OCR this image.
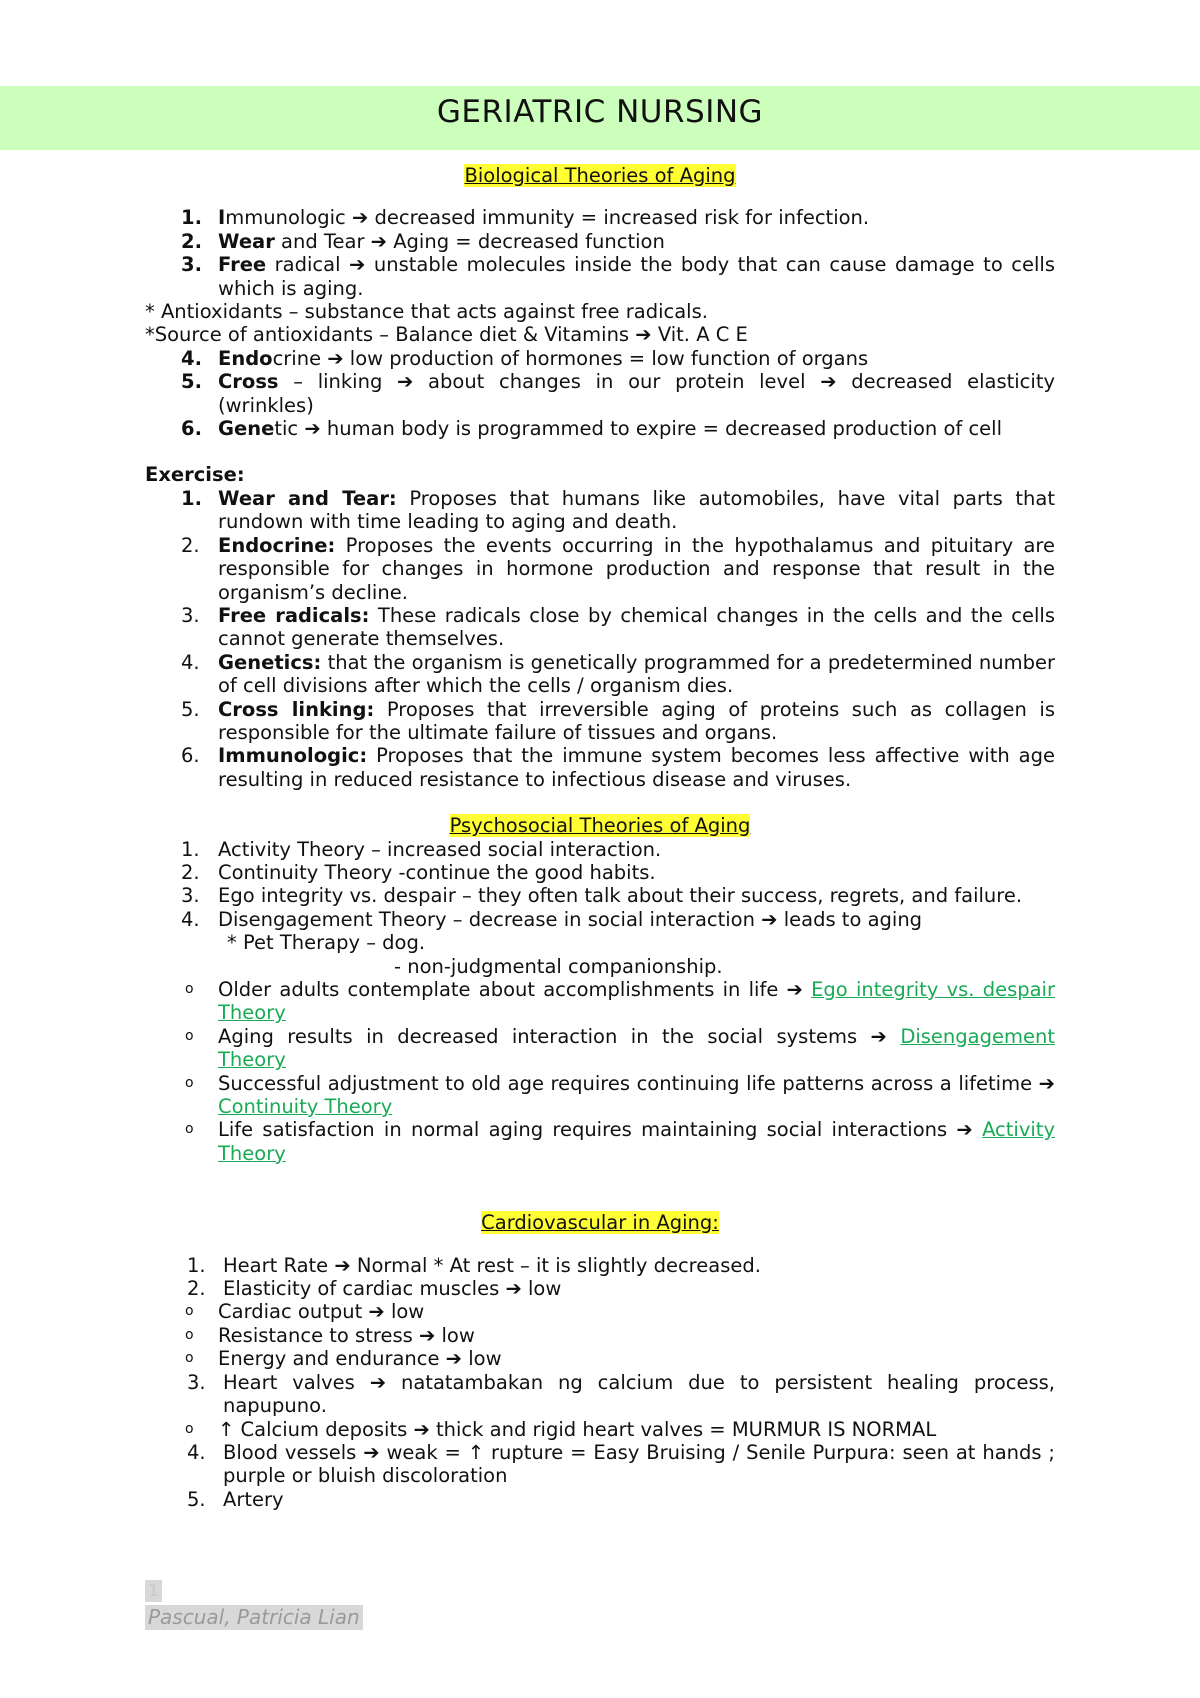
GERIATRIC NURSING

Biological Theories of Aging

1. Immunologic ➔ decreased immunity = increased risk for infection.
2. Wear and Tear ➔ Aging = decreased function
3. Free radical ➔ unstable molecules inside the body that can cause damage to cells which is aging.
* Antioxidants – substance that acts against free radicals.
*Source of antioxidants – Balance diet & Vitamins ➔ Vit. A C E
4. Endocrine ➔ low production of hormones = low function of organs
5. Cross – linking ➔ about changes in our protein level ➔ decreased elasticity (wrinkles)
6. Genetic ➔ human body is programmed to expire = decreased production of cell
Exercise:
1. Wear and Tear: Proposes that humans like automobiles, have vital parts that rundown with time leading to aging and death.
2. Endocrine: Proposes the events occurring in the hypothalamus and pituitary are responsible for changes in hormone production and response that result in the organism’s decline.
3. Free radicals: These radicals close by chemical changes in the cells and the cells cannot generate themselves.
4. Genetics: that the organism is genetically programmed for a predetermined number of cell divisions after which the cells / organism dies.
5. Cross linking: Proposes that irreversible aging of proteins such as collagen is responsible for the ultimate failure of tissues and organs.
6. Immunologic: Proposes that the immune system becomes less affective with age resulting in reduced resistance to infectious disease and viruses.

Psychosocial Theories of Aging

1. Activity Theory – increased social interaction.
2. Continuity Theory -continue the good habits.
3. Ego integrity vs. despair – they often talk about their success, regrets, and failure.
4. Disengagement Theory – decrease in social interaction ➔ leads to aging
* Pet Therapy – dog.
- non-judgmental companionship.
o Older adults contemplate about accomplishments in life ➔ Ego integrity vs. despair Theory
o Aging results in decreased interaction in the social systems ➔ Disengagement Theory
o Successful adjustment to old age requires continuing life patterns across a lifetime ➔ Continuity Theory
o Life satisfaction in normal aging requires maintaining social interactions ➔ Activity Theory

Cardiovascular in Aging:

1. Heart Rate ➔ Normal * At rest – it is slightly decreased.
2. Elasticity of cardiac muscles ➔ low
o Cardiac output ➔ low
o Resistance to stress ➔ low
o Energy and endurance ➔ low
3. Heart valves ➔ natatambakan ng calcium due to persistent healing process, napupuno.
o ↑ Calcium deposits ➔ thick and rigid heart valves = MURMUR IS NORMAL
4. Blood vessels ➔ weak = ↑ rupture = Easy Bruising / Senile Purpura: seen at hands ; purple or bluish discoloration
5. Artery
1
Pascual, Patricia Lian
